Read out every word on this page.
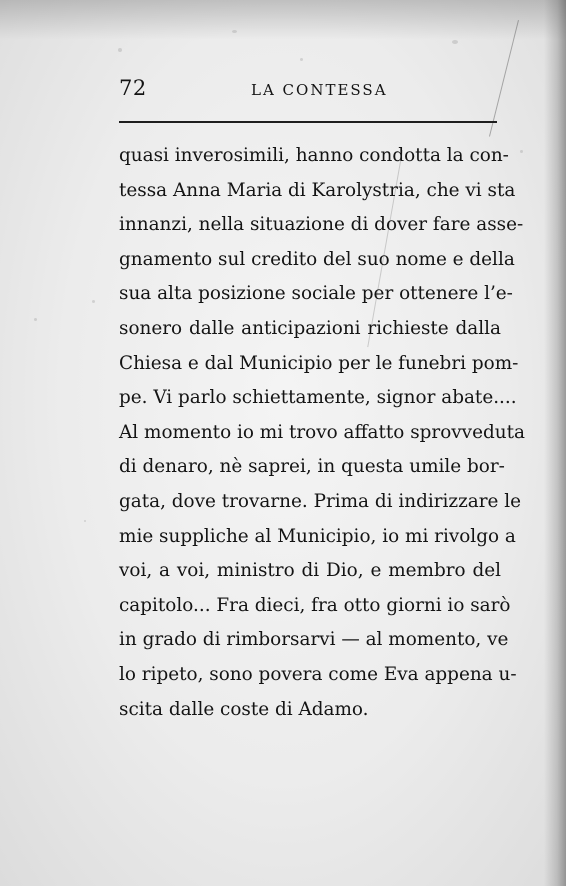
72	LA CONTESSA
quasi inverosimili, hanno condotta la con-
tessa Anna Maria di Karolystria, che vi sta
innanzi, nella situazione di dover fare asse-
gnamento sul credito del suo nome e della
sua alta posizione sociale per ottenere l’e-
sonero dalle anticipazioni richieste dalla
Chiesa e dal Municipio per le funebri pom-
pe. Vi parlo schiettamente, signor abate....
Al momento io mi trovo affatto sprovveduta
di denaro, nè saprei, in questa umile bor-
gata, dove trovarne. Prima di indirizzare le
mie suppliche al Municipio, io mi rivolgo a
voi, a voi, ministro di Dio, e membro del
capitolo... Fra dieci, fra otto giorni io sarò
in grado di rimborsarvi — al momento, ve
lo ripeto, sono povera come Eva appena u-
scita dalle coste di Adamo.
